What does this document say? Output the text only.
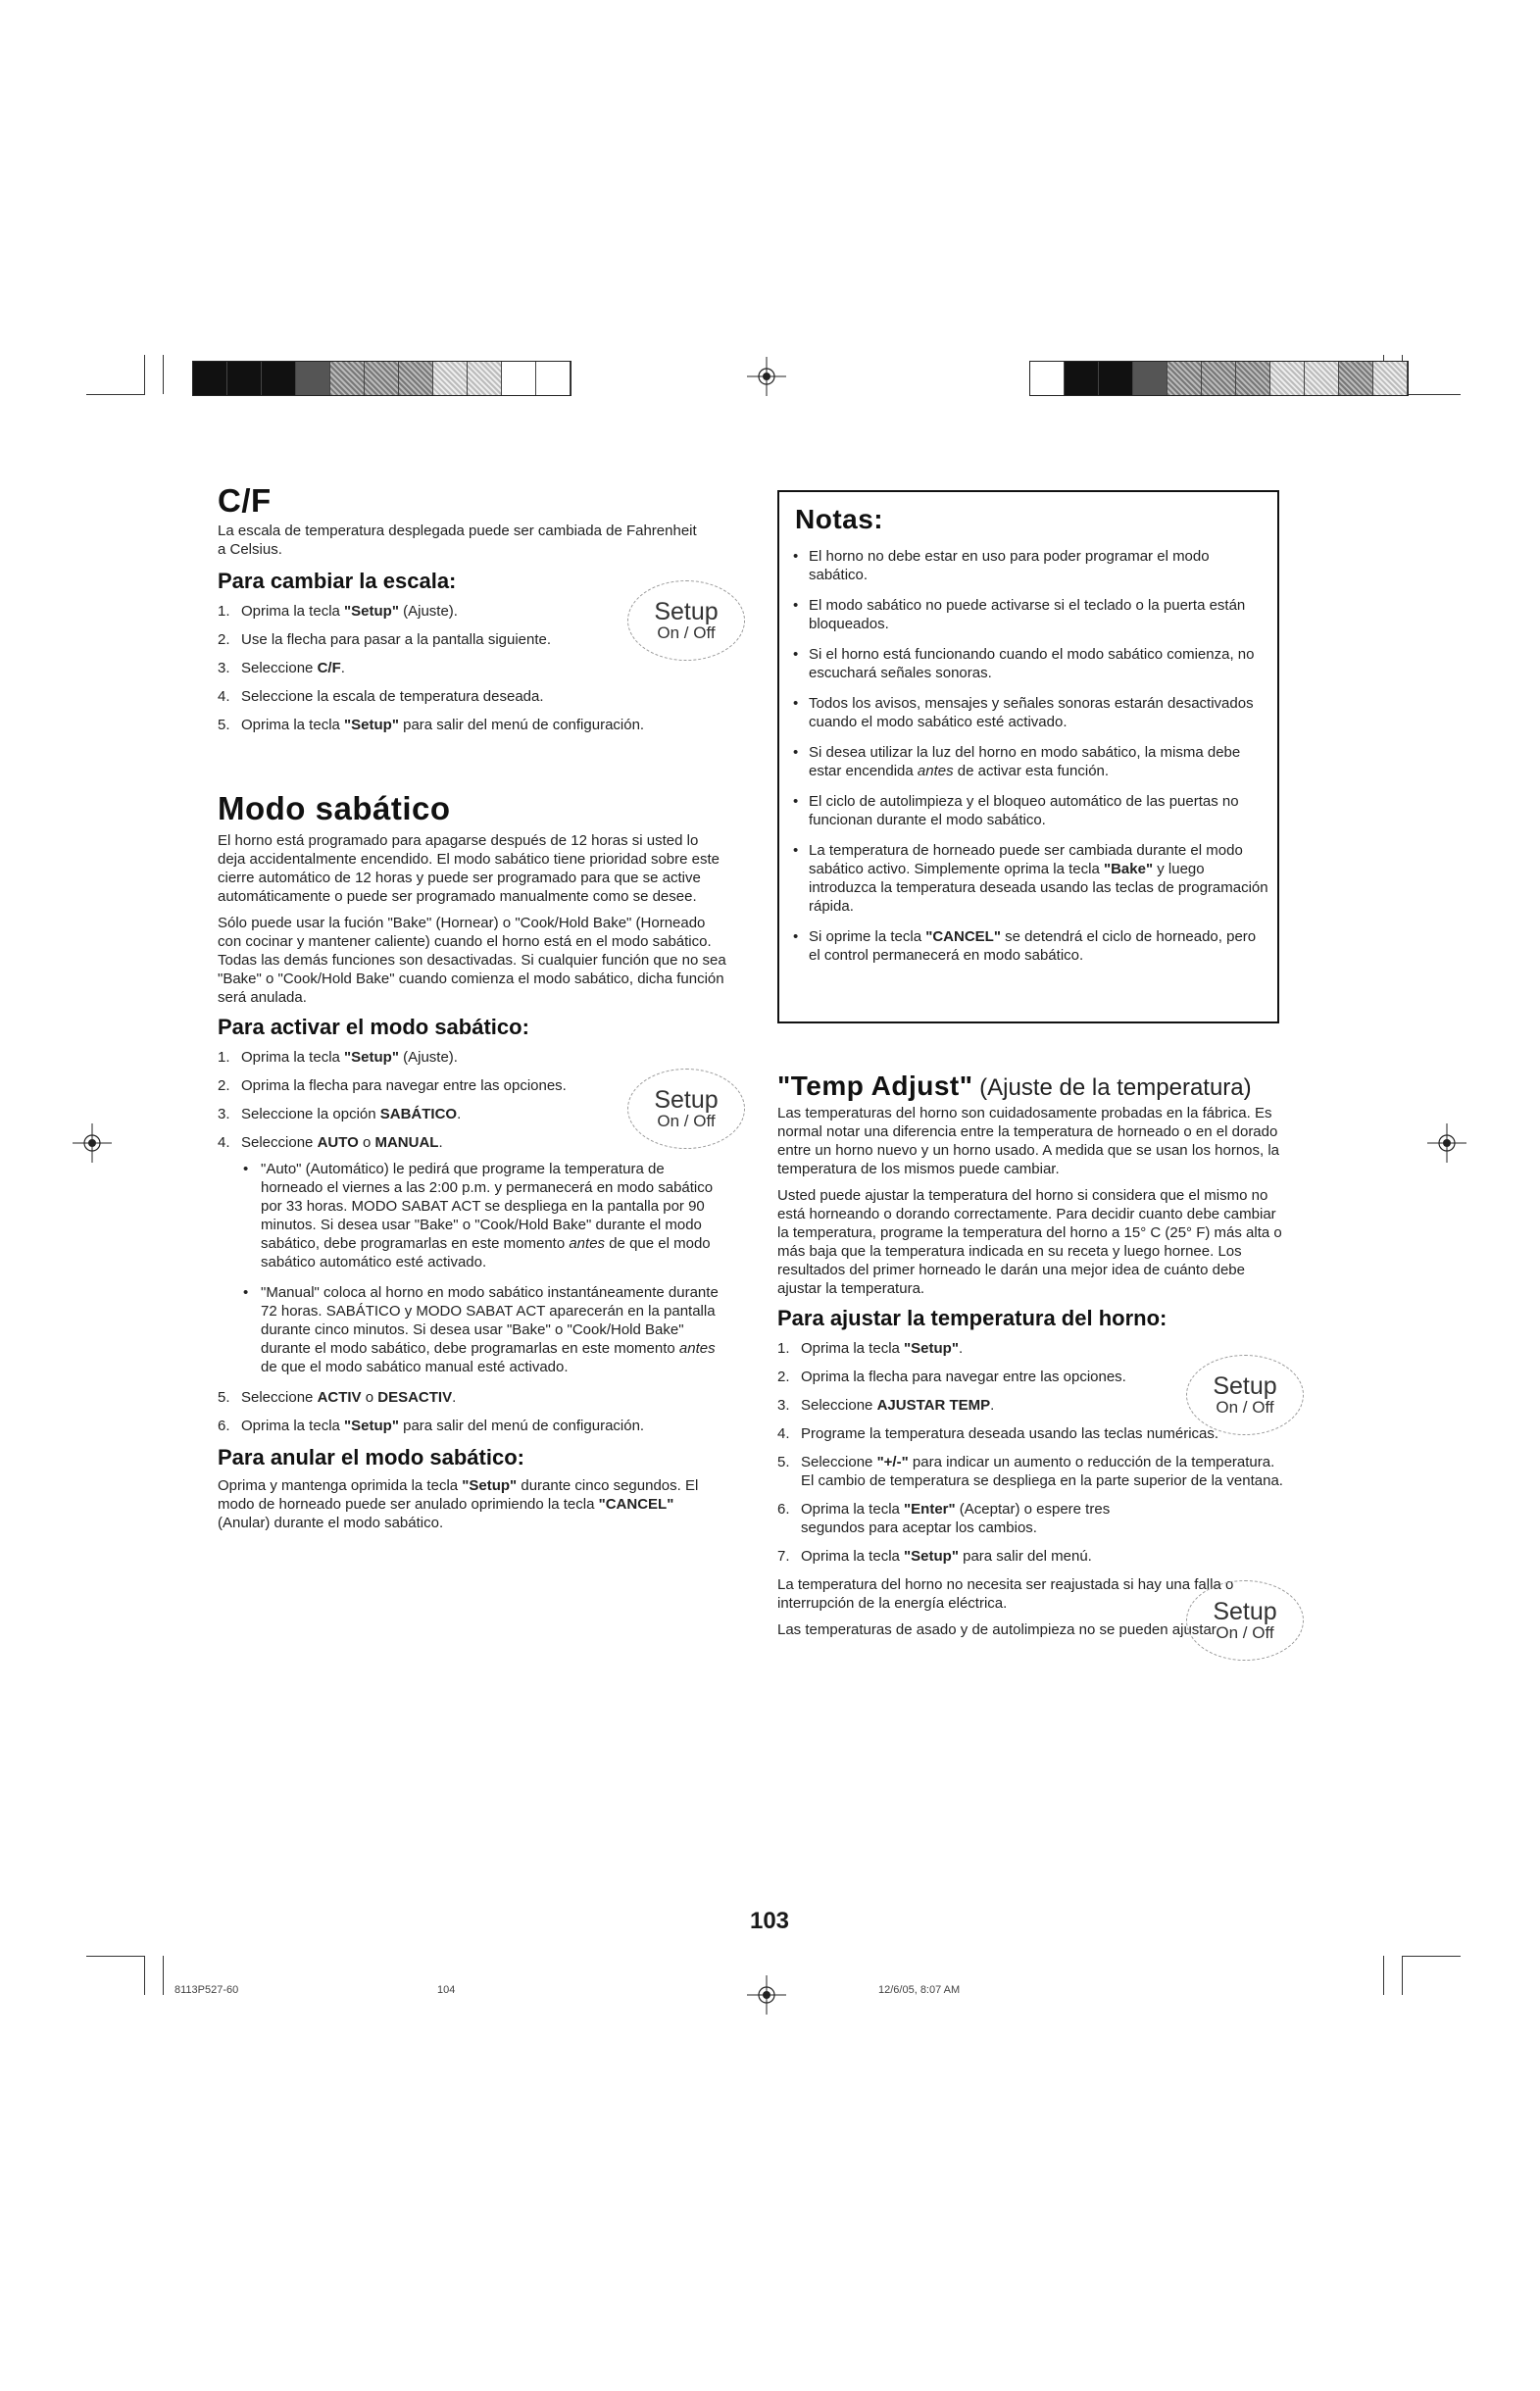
C/F
La escala de temperatura desplegada puede ser cambiada de Fahrenheit a Celsius.
Para cambiar la escala:
1. Oprima la tecla "Setup" (Ajuste).
2. Use la flecha para pasar a la pantalla siguiente.
3. Seleccione C/F.
4. Seleccione la escala de temperatura deseada.
5. Oprima la tecla "Setup" para salir del menú de configuración.
Setup
On / Off
Modo sabático
El horno está programado para apagarse después de 12 horas si usted lo deja accidentalmente encendido. El modo sabático tiene prioridad sobre este cierre automático de 12 horas y puede ser programado para que se active automáticamente o puede ser programado manualmente como se desee.
Sólo puede usar la fución "Bake" (Hornear) o "Cook/Hold Bake" (Horneado con cocinar y mantener caliente) cuando el horno está en el modo sabático. Todas las demás funciones son desactivadas. Si cualquier función que no sea "Bake" o "Cook/Hold Bake" cuando comienza el modo sabático, dicha función será anulada.
Para activar el modo sabático:
1. Oprima la tecla "Setup" (Ajuste).
2. Oprima la flecha para navegar entre las opciones.
3. Seleccione la opción SABÁTICO.
4. Seleccione AUTO o MANUAL.
• "Auto" (Automático) le pedirá que programe la temperatura de horneado el viernes a las 2:00 p.m. y permanecerá en modo sabático por 33 horas. MODO SABAT ACT se despliega en la pantalla por 90 minutos. Si desea usar "Bake" o "Cook/Hold Bake" durante el modo sabático, debe programarlas en este momento antes de que el modo sabático automático esté activado.
• "Manual" coloca al horno en modo sabático instantáneamente durante 72 horas. SABÁTICO y MODO SABAT ACT aparecerán en la pantalla durante cinco minutos. Si desea usar "Bake" o "Cook/Hold Bake" durante el modo sabático, debe programarlas en este momento antes de que el modo sabático manual esté activado.
5. Seleccione ACTIV o DESACTIV.
6. Oprima la tecla "Setup" para salir del menú de configuración.
Para anular el modo sabático:
Oprima y mantenga oprimida la tecla "Setup" durante cinco segundos. El modo de horneado puede ser anulado oprimiendo la tecla "CANCEL" (Anular) durante el modo sabático.
Setup
On / Off
Notas:
• El horno no debe estar en uso para poder programar el modo sabático.
• El modo sabático no puede activarse si el teclado o la puerta están bloqueados.
• Si el horno está funcionando cuando el modo sabático comienza, no escuchará señales sonoras.
• Todos los avisos, mensajes y señales sonoras estarán desactivados cuando el modo sabático esté activado.
• Si desea utilizar la luz del horno en modo sabático, la misma debe estar encendida antes de activar esta función.
• El ciclo de autolimpieza y el bloqueo automático de las puertas no funcionan durante el modo sabático.
• La temperatura de horneado puede ser cambiada durante el modo sabático activo. Simplemente oprima la tecla "Bake" y luego introduzca la temperatura deseada usando las teclas de programación rápida.
• Si oprime la tecla "CANCEL" se detendrá el ciclo de horneado, pero el control permanecerá en modo sabático.
"Temp Adjust" (Ajuste de la temperatura)
Las temperaturas del horno son cuidadosamente probadas en la fábrica. Es normal notar una diferencia entre la temperatura de horneado o en el dorado entre un horno nuevo y un horno usado. A medida que se usan los hornos, la temperatura de los mismos puede cambiar.
Usted puede ajustar la temperatura del horno si considera que el mismo no está horneando o dorando correctamente. Para decidir cuanto debe cambiar la temperatura, programe la temperatura del horno a 15° C (25° F) más alta o más baja que la temperatura indicada en su receta y luego hornee. Los resultados del primer horneado le darán una mejor idea de cuánto debe ajustar la temperatura.
Para ajustar la temperatura del horno:
1. Oprima la tecla "Setup".
2. Oprima la flecha para navegar entre las opciones.
3. Seleccione AJUSTAR TEMP.
4. Programe la temperatura deseada usando las teclas numéricas.
5. Seleccione "+/-" para indicar un aumento o reducción de la temperatura. El cambio de temperatura se despliega en la parte superior de la ventana.
6. Oprima la tecla "Enter" (Aceptar) o espere tres segundos para aceptar los cambios.
7. Oprima la tecla "Setup" para salir del menú.
La temperatura del horno no necesita ser reajustada si hay una falla o interrupción de la energía eléctrica.
Las temperaturas de asado y de autolimpieza no se pueden ajustar.
Setup
On / Off
Setup
On / Off
103
8113P527-60	104	12/6/05, 8:07 AM
